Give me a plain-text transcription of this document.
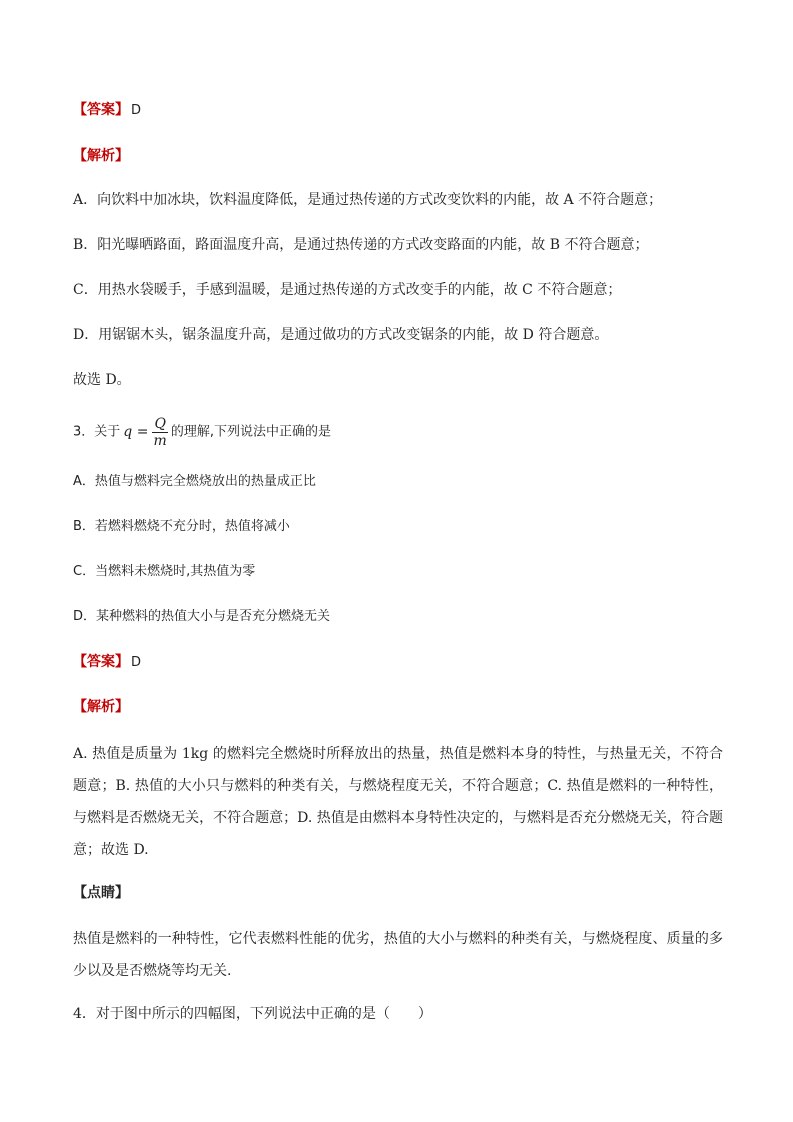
【答案】 D
【解析】
A．向饮料中加冰块，饮料温度降低，是通过热传递的方式改变饮料的内能，故 A 不符合题意；
B．阳光曝晒路面，路面温度升高，是通过热传递的方式改变路面的内能，故 B 不符合题意；
C．用热水袋暖手，手感到温暖，是通过热传递的方式改变手的内能，故 C 不符合题意；
D．用锯锯木头，锯条温度升高，是通过做功的方式改变锯条的内能，故 D 符合题意。
故选 D。
3．关于 $q = \frac{Q}{m}$ 的理解,下列说法中正确的是
A．热值与燃料完全燃烧放出的热量成正比
B．若燃料燃烧不充分时，热值将减小
C．当燃料未燃烧时,其热值为零
D．某种燃料的热值大小与是否充分燃烧无关
【答案】 D
【解析】
A. 热值是质量为 1kg 的燃料完全燃烧时所释放出的热量，热值是燃料本身的特性，与热量无关，不符合题意；B. 热值的大小只与燃料的种类有关，与燃烧程度无关，不符合题意；C. 热值是燃料的一种特性，与燃料是否燃烧无关，不符合题意；D. 热值是由燃料本身特性决定的，与燃料是否充分燃烧无关，符合题意；故选 D.
【点睛】
热值是燃料的一种特性，它代表燃料性能的优劣，热值的大小与燃料的种类有关，与燃烧程度、质量的多少以及是否燃烧等均无关.
4．对于图中所示的四幅图，下列说法中正确的是（　　）
